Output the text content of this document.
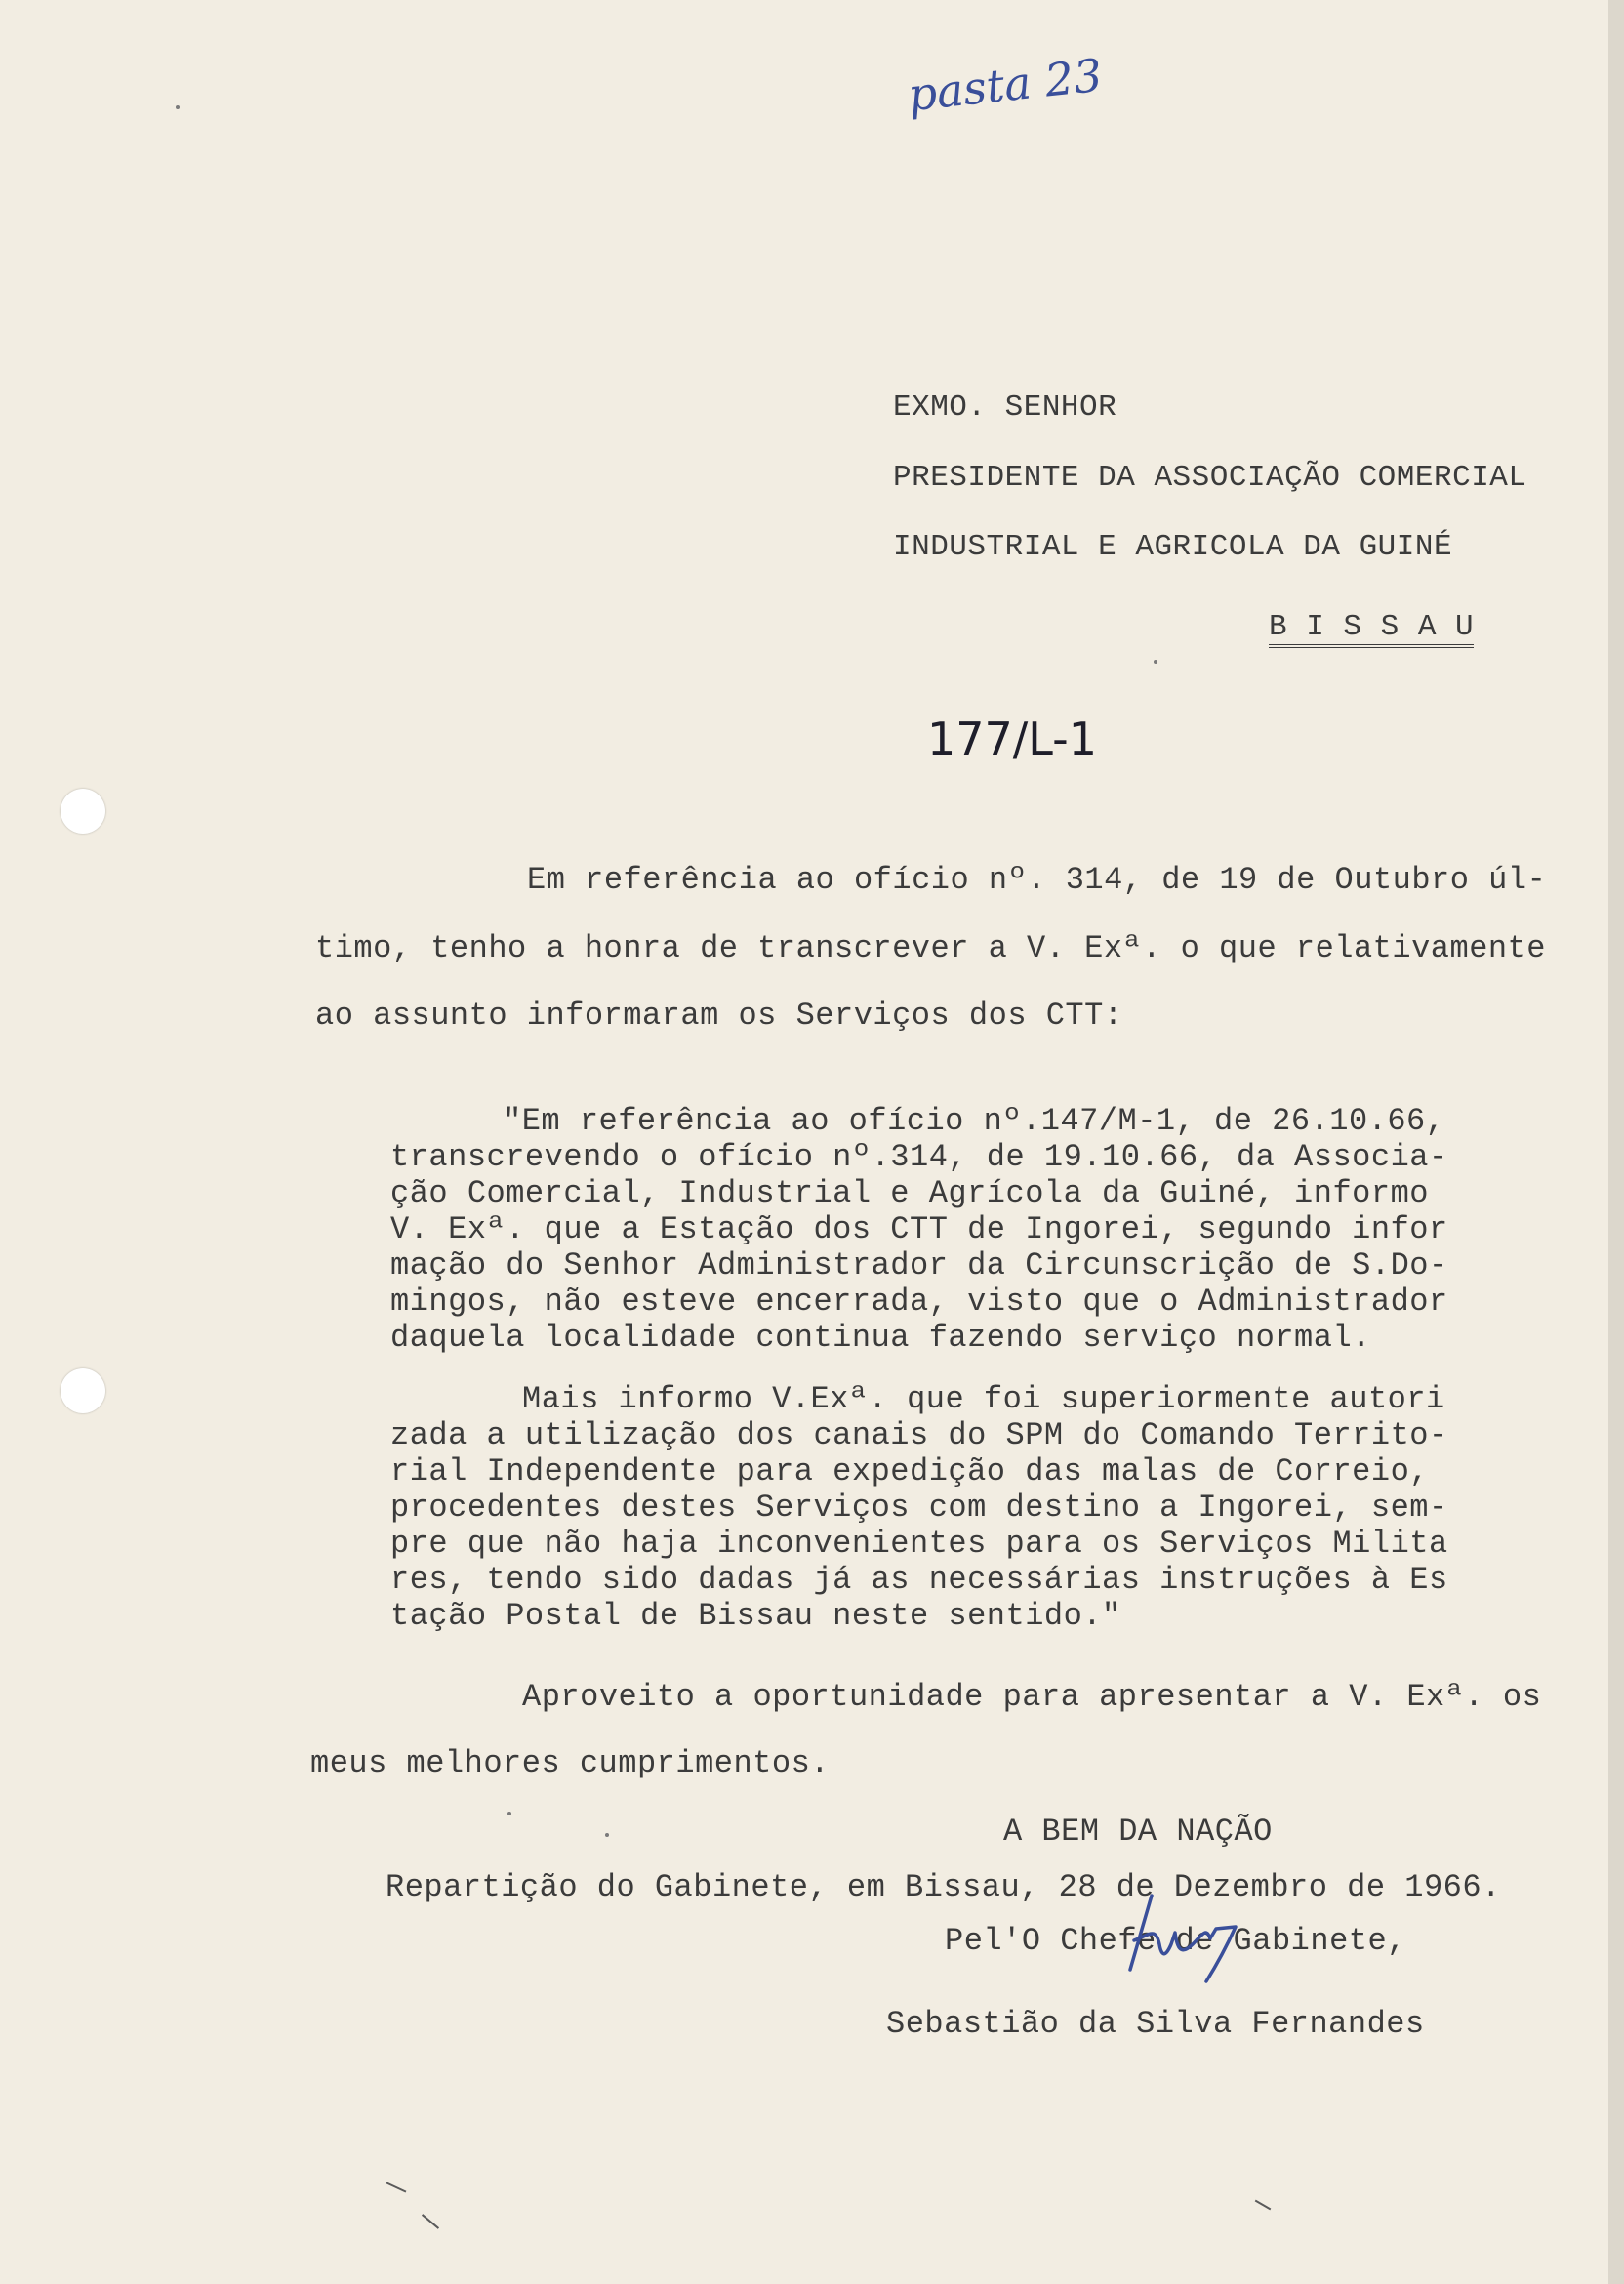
pasta 23

EXMO. SENHOR

PRESIDENTE DA ASSOCIAÇÃO COMERCIAL

INDUSTRIAL E AGRICOLA DA GUINÉ

B I S S A U

177/L-1

Em referência ao ofício nº. 314, de 19 de Outubro úl-

timo, tenho a honra de transcrever a V. Exª. o que relativamente

ao assunto informaram os Serviços dos CTT:

"Em referência ao ofício nº.147/M-1, de 26.10.66,

transcrevendo o ofício nº.314, de 19.10.66, da Associa-

ção Comercial, Industrial e Agrícola da Guiné, informo

V. Exª. que a Estação dos CTT de Ingorei, segundo infor

mação do Senhor Administrador da Circunscrição de S.Do-

mingos, não esteve encerrada, visto que o Administrador

daquela localidade continua fazendo serviço normal.

Mais informo V.Exª. que foi superiormente autori

zada a utilização dos canais do SPM do Comando Territo-

rial Independente para expedição das malas de Correio,

procedentes destes Serviços com destino a Ingorei, sem-

pre que não haja inconvenientes para os Serviços Milita

res, tendo sido dadas já as necessárias instruções à Es

tação Postal de Bissau neste sentido."

Aproveito a oportunidade para apresentar a V. Exª. os

meus melhores cumprimentos.

A BEM DA NAÇÃO

Repartição do Gabinete, em Bissau, 28 de Dezembro de 1966.

Pel'O Chefe de Gabinete,

Sebastião da Silva Fernandes
